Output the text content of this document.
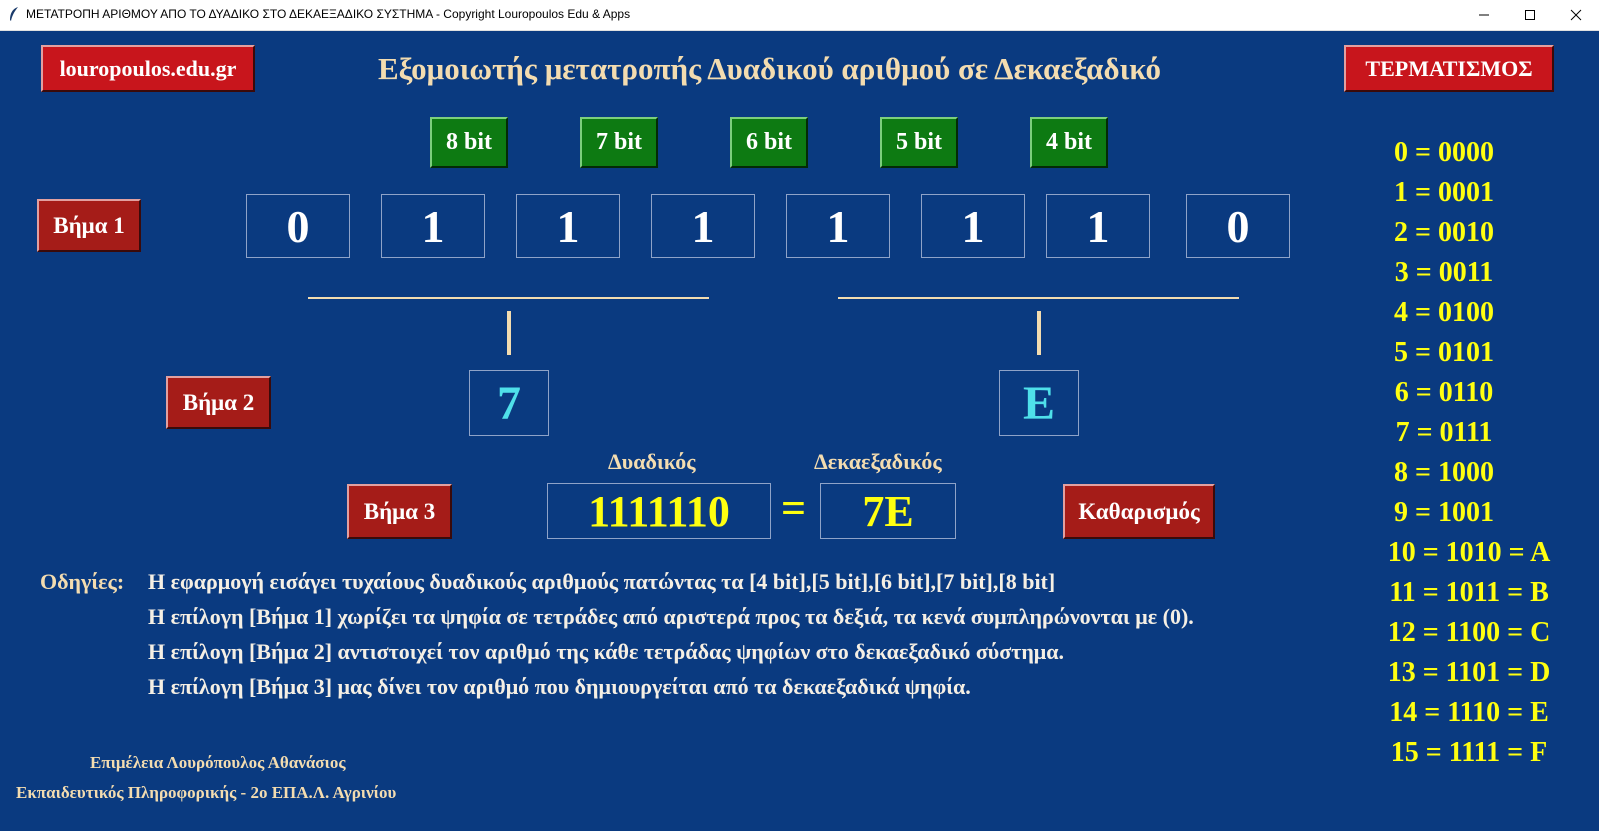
ΜΕΤΑΤΡΟΠΗ ΑΡΙΘΜΟΥ ΑΠΟ ΤΟ ΔΥΑΔΙΚΟ ΣΤΟ ΔΕΚΑΕΞΑΔΙΚΟ ΣΥΣΤΗΜΑ - Copyright Louropoulos Edu & Apps
louropoulos.edu.gr	Εξομοιωτής μετατροπής Δυαδικού αριθμού σε Δεκαεξαδικό	ΤΕΡΜΑΤΙΣΜΟΣ
8 bit	7 bit	6 bit	5 bit	4 bit
Βήμα 1	0	1	1	1	1	1	1	0
Βήμα 2	7	E
Δυαδικός	Δεκαεξαδικός
Βήμα 3	1111110	=	7E	Καθαρισμός
0 = 0000
1 = 0001
2 = 0010
3 = 0011
4 = 0100
5 = 0101
6 = 0110
7 = 0111
8 = 1000
9 = 1001
10 = 1010 = A
11 = 1011 = B
12 = 1100 = C
13 = 1101 = D
14 = 1110 = E
15 = 1111 = F
Οδηγίες: Η εφαρμογή εισάγει τυχαίους δυαδικούς αριθμούς πατώντας τα [4 bit],[5 bit],[6 bit],[7 bit],[8 bit]
Η επίλογη [Βήμα 1] χωρίζει τα ψηφία σε τετράδες από αριστερά προς τα δεξιά, τα κενά συμπληρώνονται με (0).
Η επίλογη [Βήμα 2] αντιστοιχεί τον αριθμό της κάθε τετράδας ψηφίων στο δεκαεξαδικό σύστημα.
Η επίλογη [Βήμα 3] μας δίνει τον αριθμό που δημιουργείται από τα δεκαεξαδικά ψηφία.
Επιμέλεια Λουρόπουλος Αθανάσιος
Εκπαιδευτικός Πληροφορικής - 2ο ΕΠΑ.Λ. Αγρινίου
